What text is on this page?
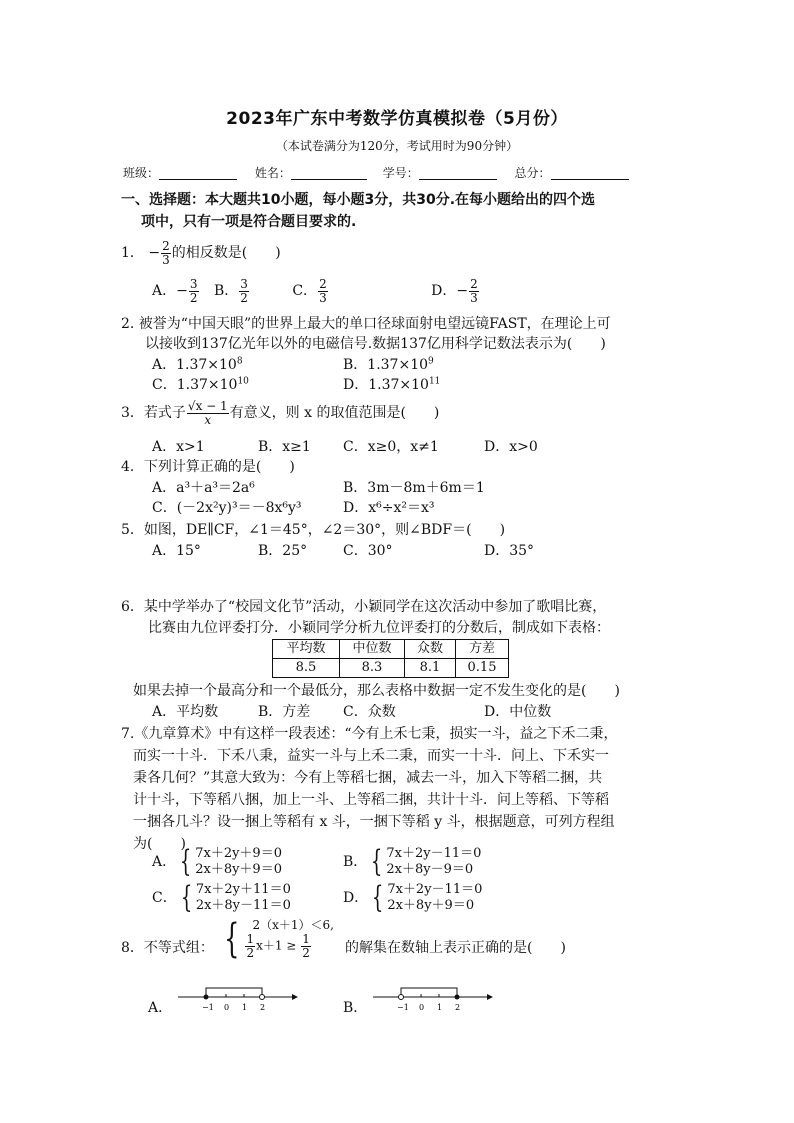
2023年广东中考数学仿真模拟卷（5月份）
（本试卷满分为120分，考试用时为90分钟）
班级：	姓名：	学号：	总分：
一、选择题：本大题共10小题，每小题3分，共30分.在每小题给出的四个选
项中，只有一项是符合题目要求的.
1． − $\frac{2}{3}$ 的相反数是(　　)
A．− $\frac{3}{2}$ B． $\frac{3}{2}$	C． $\frac{2}{3}$	D．− $\frac{2}{3}$
2. 被誉为“中国天眼”的世界上最大的单口径球面射电望远镜FAST，在理论上可
以接收到137亿光年以外的电磁信号.数据137亿用科学记数法表示为(　　)
A．$1.37\times 10^8$	B．$1.37\times 10^9$
C．$1.37\times 10^{10}$	D．$1.37\times 10^{11}$
3．若式子 $\frac{√x - 1}{x}$ 有意义，则 x 的取值范围是(　　)
A．x>1	B．x≥1 C．x≥0，x≠1	D．x>0
4．下列计算正确的是(　　)
A．a³＋a³＝2a⁶	B．3m－8m＋6m＝1
C．(－2x²y)³＝－8x⁶y³	D．x⁶÷x²＝x³
5．如图，DE∥CF，∠1＝45°，∠2＝30°，则∠BDF＝(　　)
A．15°	B．25°	C．30°	D．35°
6．某中学举办了“校园文化节”活动，小颖同学在这次活动中参加了歌唱比赛，
比赛由九位评委打分．小颖同学分析九位评委打的分数后，制成如下表格：
平均数	中位数	众数	方差
8.5	8.3	8.1	0.15
如果去掉一个最高分和一个最低分，那么表格中数据一定不发生变化的是(　　)
A．平均数	B．方差 C．众数	D．中位数
7.《九章算术》中有这样一段表述：“今有上禾七秉，损实一斗，益之下禾二秉，
而实一十斗．下禾八秉，益实一斗与上禾二秉，而实一十斗．问上、下禾实一
秉各几何？”其意大致为：今有上等稻七捆，减去一斗，加入下等稻二捆，共
计十斗，下等稻八捆，加上一斗、上等稻二捆，共计十斗．问上等稻、下等稻
一捆各几斗？设一捆上等稻有 x 斗，一捆下等稻 y 斗，根据题意，可列方程组
为(　　)
A． { 7x＋2y＋9＝0
2x＋8y＋9＝0	B． { 7x＋2y－11＝0
2x＋8y－9＝0
C． { 7x＋2y＋11＝0
2x＋8y－11＝0	D． { 7x＋2y－11＝0
2x＋8y＋9＝0
8．不等式组： { 2（x＋1）＜6,
$\frac{1}{2} x+1 \ge \frac{1}{2}$ 的解集在数轴上表示正确的是(　　)
A．	−1 0 1 2	B．	−1 0 1 2
